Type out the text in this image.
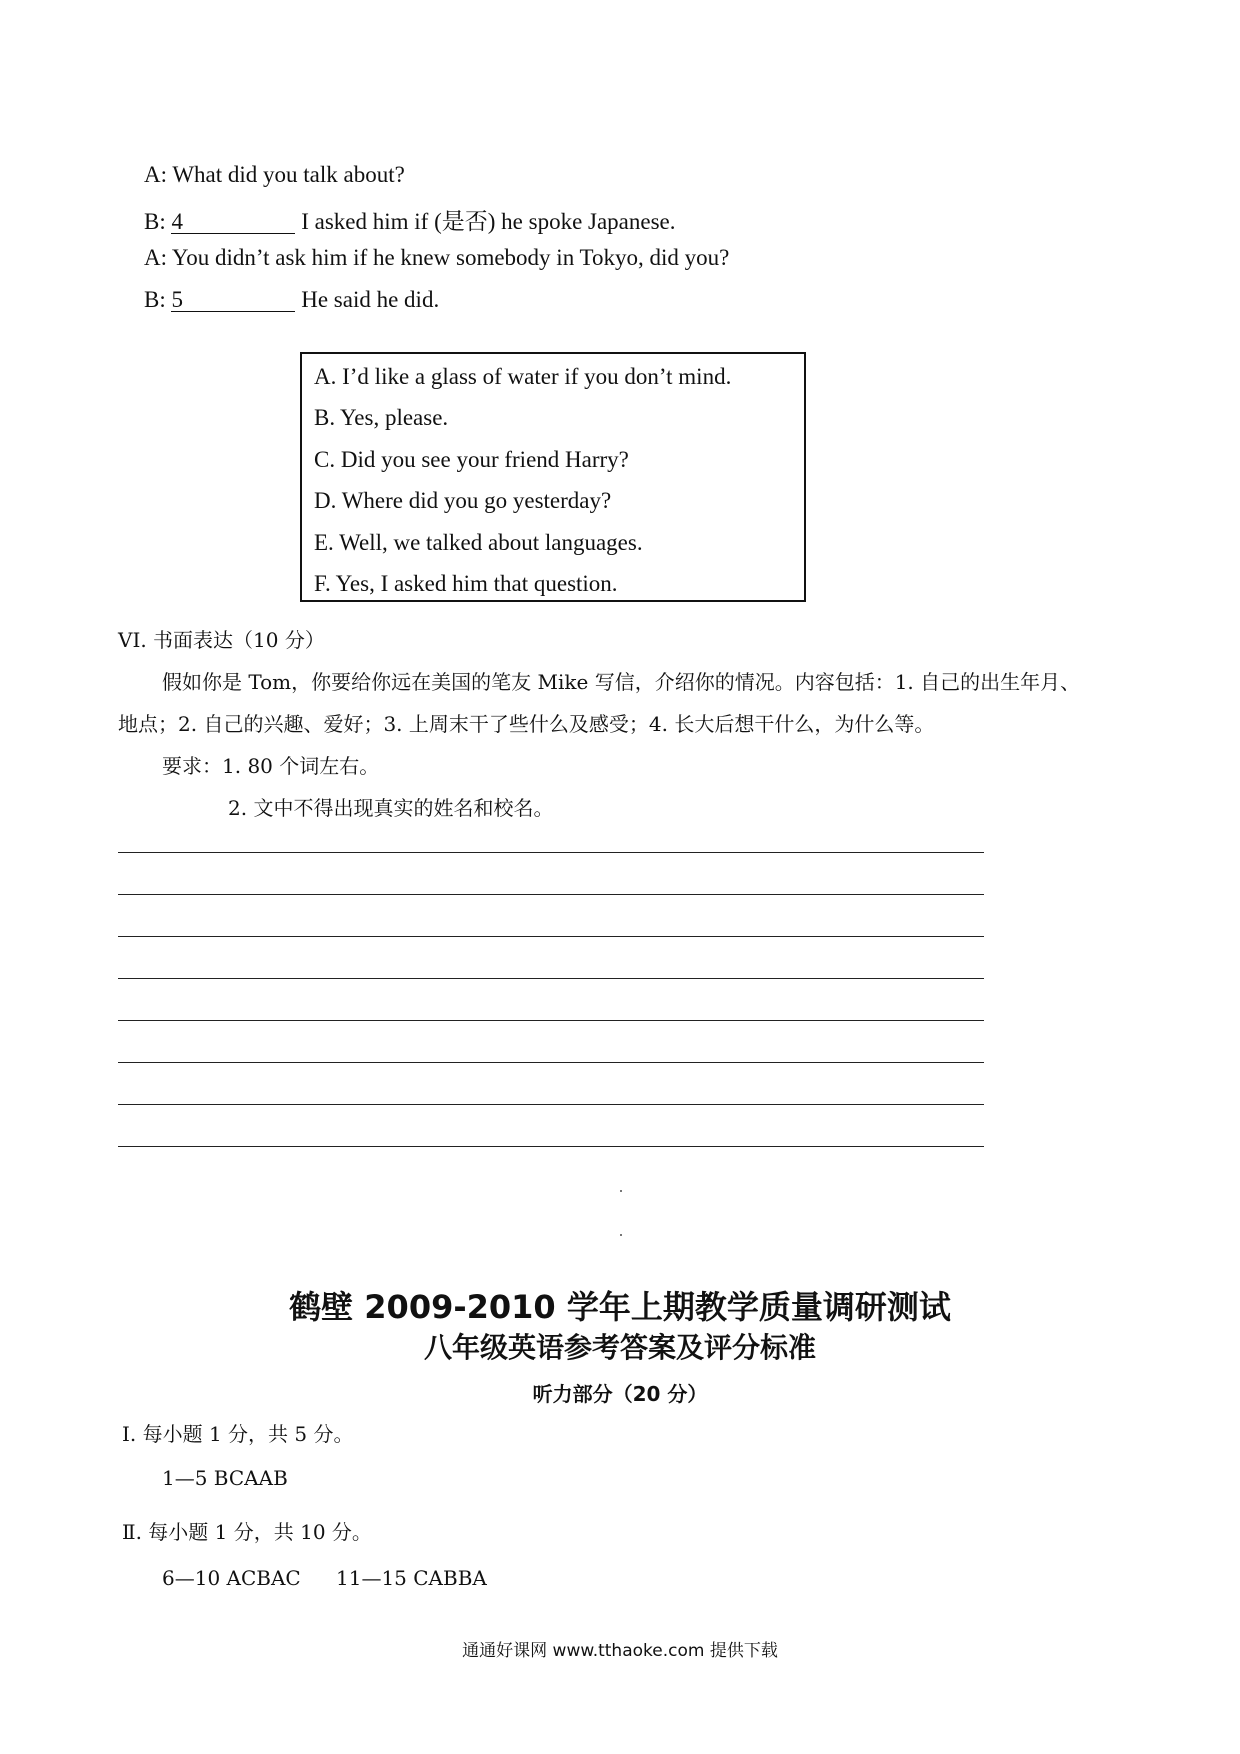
A: What did you talk about?
B: 4	I asked him if (是否) he spoke Japanese.
A: You didn’t ask him if he knew somebody in Tokyo, did you?
B: 5	He said he did.
A. I’d like a glass of water if you don’t mind.
B. Yes, please.
C. Did you see your friend Harry?
D. Where did you go yesterday?
E. Well, we talked about languages.
F. Yes, I asked him that question.
VI. 书面表达（10 分）
假如你是 Tom，你要给你远在美国的笔友 Mike 写信，介绍你的情况。内容包括：1. 自己的出生年月、
地点；2. 自己的兴趣、爱好；3. 上周末干了些什么及感受；4. 长大后想干什么，为什么等。
要求：1. 80 个词左右。
2. 文中不得出现真实的姓名和校名。
鹤壁 2009-2010 学年上期教学质量调研测试
八年级英语参考答案及评分标准
听力部分（20 分）
Ⅰ. 每小题 1 分，共 5 分。
1—5 BCAAB
Ⅱ. 每小题 1 分，共 10 分。
6—10 ACBAC 11—15 CABBA
通通好课网 www.tthaoke.com 提供下载
